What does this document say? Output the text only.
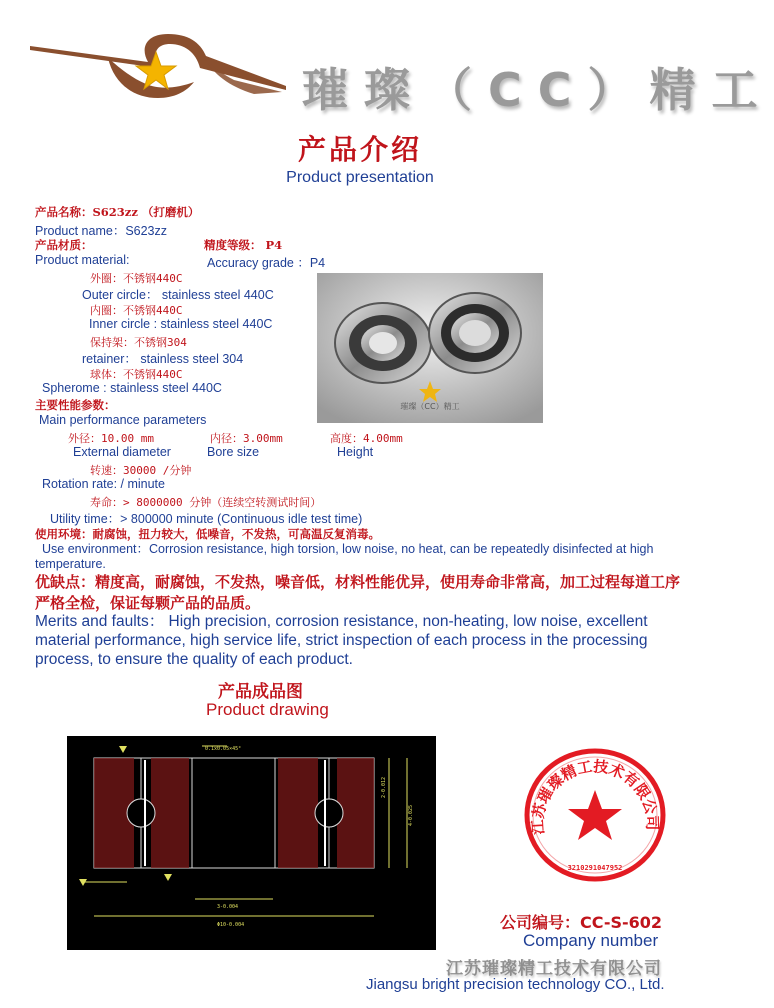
璀璨（CC）精工
产品介绍
Product presentation
产品名称：S623zz （打磨机）
Product name：S623zz
产品材质：	精度等级： P4
Product material:	Accuracy grade ：P4
外圈：不锈钢440C
Outer circle： stainless steel 440C
内圈：不锈钢440C
Inner circle : stainless steel 440C
保持架：不锈钢304
retainer： stainless steel 304
球体：不锈钢440C
Spherome : stainless steel 440C
主要性能参数：
Main performance parameters
外径：10.00 mm	内径：3.00mm	高度：4.00mm
External diameter	Bore size	Height
转速：30000 /分钟
Rotation rate: / minute
寿命：> 8000000 分钟（连续空转测试时间）
Utility time：> 800000 minute (Continuous idle test time)
使用环境：耐腐蚀，扭力较大，低噪音，不发热，可高温反复消毒。
Use environment：Corrosion resistance, high torsion, low noise, no heat, can be repeatedly disinfected at high temperature.
优缺点：精度高，耐腐蚀，不发热，噪音低，材料性能优异，使用寿命非常高，加工过程每道工序严格全检，保证每颗产品的品质。
Merits and faults： High precision, corrosion resistance, non-heating, low noise, excellent material performance, high service life, strict inspection of each process in the processing process, to ensure the quality of each product.
璀璨（CC）精工
产品成品图
Product drawing
0.1x0.05×45°
3-0.004
Φ10-0.004
2-0.012
4-0.025
江苏璀璨精工技术有限公司
3210291047952
公司编号：CC-S-602
Company number
江苏璀璨精工技术有限公司
Jiangsu bright precision technology CO., Ltd.
